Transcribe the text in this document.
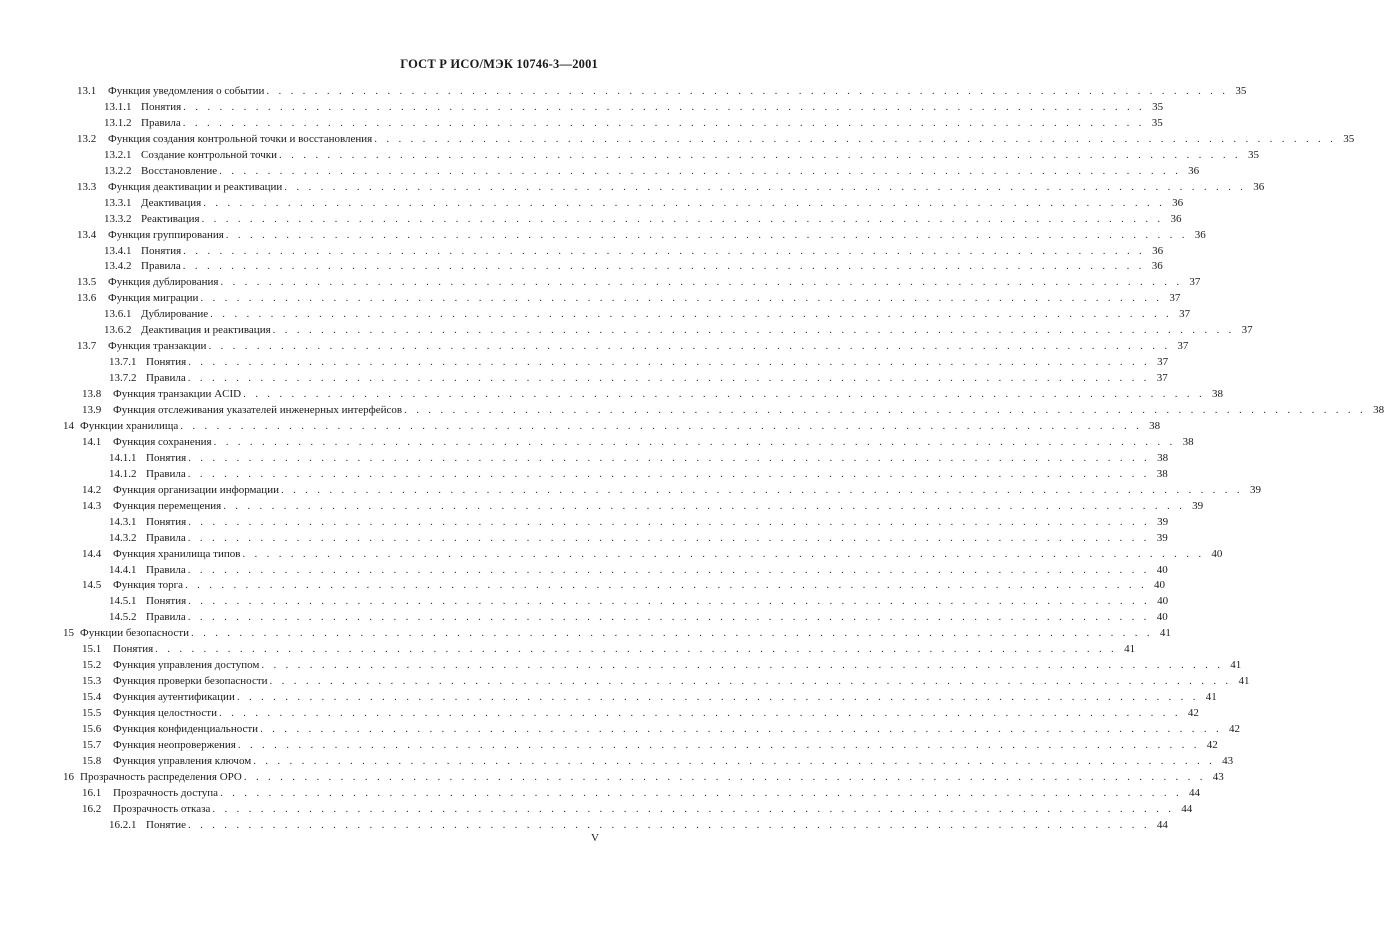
ГОСТ Р ИСО/МЭК 10746-3—2001
13.1	Функция уведомления о событии . . . . . . . . . . . . . . . . . . . . . . . . . . . . . . . . . . . . . . . . . . . . . . . . . . . . . . . . . . . . . . . . . . . . . . . . . . . . . . . . 35
13.1.1 Понятия . . . . . . . . . . . . . . . . . . . . . . . . . . . . . . . . . . . . . . . . . . . . . . . . . . . . . . . . . . . . . . . . . . . . . . . . . . . . . . . . 35
13.1.2 Правила . . . . . . . . . . . . . . . . . . . . . . . . . . . . . . . . . . . . . . . . . . . . . . . . . . . . . . . . . . . . . . . . . . . . . . . . . . . . . . . . 35
13.2	Функция создания контрольной точки и восстановления . . . . . . . . . . . . . . . . . . . . . . . . . . . . . . . . . . . . . . . . . . . . . . . . . . . . . . . . . . . . . . . . . . . . . . . . . . . . . . . . 35
13.2.1 Создание контрольной точки . . . . . . . . . . . . . . . . . . . . . . . . . . . . . . . . . . . . . . . . . . . . . . . . . . . . . . . . . . . . . . . . . . . . . . . . . . . . . . . . 35
13.2.2 Восстановление . . . . . . . . . . . . . . . . . . . . . . . . . . . . . . . . . . . . . . . . . . . . . . . . . . . . . . . . . . . . . . . . . . . . . . . . . . . . . . . . 36
13.3	Функция деактивации и реактивации . . . . . . . . . . . . . . . . . . . . . . . . . . . . . . . . . . . . . . . . . . . . . . . . . . . . . . . . . . . . . . . . . . . . . . . . . . . . . . . . 36
13.3.1 Деактивация . . . . . . . . . . . . . . . . . . . . . . . . . . . . . . . . . . . . . . . . . . . . . . . . . . . . . . . . . . . . . . . . . . . . . . . . . . . . . . . . 36
13.3.2 Реактивация . . . . . . . . . . . . . . . . . . . . . . . . . . . . . . . . . . . . . . . . . . . . . . . . . . . . . . . . . . . . . . . . . . . . . . . . . . . . . . . . 36
13.4	Функция группирования . . . . . . . . . . . . . . . . . . . . . . . . . . . . . . . . . . . . . . . . . . . . . . . . . . . . . . . . . . . . . . . . . . . . . . . . . . . . . . . . 36
13.4.1 Понятия . . . . . . . . . . . . . . . . . . . . . . . . . . . . . . . . . . . . . . . . . . . . . . . . . . . . . . . . . . . . . . . . . . . . . . . . . . . . . . . . 36
13.4.2 Правила . . . . . . . . . . . . . . . . . . . . . . . . . . . . . . . . . . . . . . . . . . . . . . . . . . . . . . . . . . . . . . . . . . . . . . . . . . . . . . . . 36
13.5	Функция дублирования . . . . . . . . . . . . . . . . . . . . . . . . . . . . . . . . . . . . . . . . . . . . . . . . . . . . . . . . . . . . . . . . . . . . . . . . . . . . . . . . 37
13.6	Функция миграции . . . . . . . . . . . . . . . . . . . . . . . . . . . . . . . . . . . . . . . . . . . . . . . . . . . . . . . . . . . . . . . . . . . . . . . . . . . . . . . . 37
13.6.1 Дублирование . . . . . . . . . . . . . . . . . . . . . . . . . . . . . . . . . . . . . . . . . . . . . . . . . . . . . . . . . . . . . . . . . . . . . . . . . . . . . . . . 37
13.6.2 Деактивация и реактивация . . . . . . . . . . . . . . . . . . . . . . . . . . . . . . . . . . . . . . . . . . . . . . . . . . . . . . . . . . . . . . . . . . . . . . . . . . . . . . . . 37
13.7	Функция транзакции . . . . . . . . . . . . . . . . . . . . . . . . . . . . . . . . . . . . . . . . . . . . . . . . . . . . . . . . . . . . . . . . . . . . . . . . . . . . . . . . 37
13.7.1 Понятия . . . . . . . . . . . . . . . . . . . . . . . . . . . . . . . . . . . . . . . . . . . . . . . . . . . . . . . . . . . . . . . . . . . . . . . . . . . . . . . . 37
13.7.2 Правила . . . . . . . . . . . . . . . . . . . . . . . . . . . . . . . . . . . . . . . . . . . . . . . . . . . . . . . . . . . . . . . . . . . . . . . . . . . . . . . . 37
13.8	Функция транзакции ACID . . . . . . . . . . . . . . . . . . . . . . . . . . . . . . . . . . . . . . . . . . . . . . . . . . . . . . . . . . . . . . . . . . . . . . . . . . . . . . . . 38
13.9	Функция отслеживания указателей инженерных интерфейсов . . . . . . . . . . . . . . . . . . . . . . . . . . . . . . . . . . . . . . . . . . . . . . . . . . . . . . . . . . . . . . . . . . . . . . . . . . . . . . . . 38
14 Функции хранилища . . . . . . . . . . . . . . . . . . . . . . . . . . . . . . . . . . . . . . . . . . . . . . . . . . . . . . . . . . . . . . . . . . . . . . . . . . . . . . . . 38
14.1	Функция сохранения . . . . . . . . . . . . . . . . . . . . . . . . . . . . . . . . . . . . . . . . . . . . . . . . . . . . . . . . . . . . . . . . . . . . . . . . . . . . . . . . 38
14.1.1 Понятия . . . . . . . . . . . . . . . . . . . . . . . . . . . . . . . . . . . . . . . . . . . . . . . . . . . . . . . . . . . . . . . . . . . . . . . . . . . . . . . . 38
14.1.2 Правила . . . . . . . . . . . . . . . . . . . . . . . . . . . . . . . . . . . . . . . . . . . . . . . . . . . . . . . . . . . . . . . . . . . . . . . . . . . . . . . . 38
14.2	Функция организации информации . . . . . . . . . . . . . . . . . . . . . . . . . . . . . . . . . . . . . . . . . . . . . . . . . . . . . . . . . . . . . . . . . . . . . . . . . . . . . . . . 39
14.3	Функция перемещения . . . . . . . . . . . . . . . . . . . . . . . . . . . . . . . . . . . . . . . . . . . . . . . . . . . . . . . . . . . . . . . . . . . . . . . . . . . . . . . . 39
14.3.1 Понятия . . . . . . . . . . . . . . . . . . . . . . . . . . . . . . . . . . . . . . . . . . . . . . . . . . . . . . . . . . . . . . . . . . . . . . . . . . . . . . . . 39
14.3.2 Правила . . . . . . . . . . . . . . . . . . . . . . . . . . . . . . . . . . . . . . . . . . . . . . . . . . . . . . . . . . . . . . . . . . . . . . . . . . . . . . . . 39
14.4	Функция хранилища типов . . . . . . . . . . . . . . . . . . . . . . . . . . . . . . . . . . . . . . . . . . . . . . . . . . . . . . . . . . . . . . . . . . . . . . . . . . . . . . . . 40
14.4.1 Правила . . . . . . . . . . . . . . . . . . . . . . . . . . . . . . . . . . . . . . . . . . . . . . . . . . . . . . . . . . . . . . . . . . . . . . . . . . . . . . . . 40
14.5	Функция торга . . . . . . . . . . . . . . . . . . . . . . . . . . . . . . . . . . . . . . . . . . . . . . . . . . . . . . . . . . . . . . . . . . . . . . . . . . . . . . . . 40
14.5.1 Понятия . . . . . . . . . . . . . . . . . . . . . . . . . . . . . . . . . . . . . . . . . . . . . . . . . . . . . . . . . . . . . . . . . . . . . . . . . . . . . . . . 40
14.5.2 Правила . . . . . . . . . . . . . . . . . . . . . . . . . . . . . . . . . . . . . . . . . . . . . . . . . . . . . . . . . . . . . . . . . . . . . . . . . . . . . . . . 40
15 Функции безопасности . . . . . . . . . . . . . . . . . . . . . . . . . . . . . . . . . . . . . . . . . . . . . . . . . . . . . . . . . . . . . . . . . . . . . . . . . . . . . . . . 41
15.1	Понятия . . . . . . . . . . . . . . . . . . . . . . . . . . . . . . . . . . . . . . . . . . . . . . . . . . . . . . . . . . . . . . . . . . . . . . . . . . . . . . . . 41
15.2	Функция управления доступом . . . . . . . . . . . . . . . . . . . . . . . . . . . . . . . . . . . . . . . . . . . . . . . . . . . . . . . . . . . . . . . . . . . . . . . . . . . . . . . . 41
15.3	Функция проверки безопасности . . . . . . . . . . . . . . . . . . . . . . . . . . . . . . . . . . . . . . . . . . . . . . . . . . . . . . . . . . . . . . . . . . . . . . . . . . . . . . . . 41
15.4	Функция аутентификации . . . . . . . . . . . . . . . . . . . . . . . . . . . . . . . . . . . . . . . . . . . . . . . . . . . . . . . . . . . . . . . . . . . . . . . . . . . . . . . . 41
15.5	Функция целостности . . . . . . . . . . . . . . . . . . . . . . . . . . . . . . . . . . . . . . . . . . . . . . . . . . . . . . . . . . . . . . . . . . . . . . . . . . . . . . . . 42
15.6	Функция конфиденциальности . . . . . . . . . . . . . . . . . . . . . . . . . . . . . . . . . . . . . . . . . . . . . . . . . . . . . . . . . . . . . . . . . . . . . . . . . . . . . . . . 42
15.7	Функция неопровержения . . . . . . . . . . . . . . . . . . . . . . . . . . . . . . . . . . . . . . . . . . . . . . . . . . . . . . . . . . . . . . . . . . . . . . . . . . . . . . . . 42
15.8	Функция управления ключом . . . . . . . . . . . . . . . . . . . . . . . . . . . . . . . . . . . . . . . . . . . . . . . . . . . . . . . . . . . . . . . . . . . . . . . . . . . . . . . . 43
16 Прозрачность распределения ОРО . . . . . . . . . . . . . . . . . . . . . . . . . . . . . . . . . . . . . . . . . . . . . . . . . . . . . . . . . . . . . . . . . . . . . . . . . . . . . . . . 43
16.1	Прозрачность доступа . . . . . . . . . . . . . . . . . . . . . . . . . . . . . . . . . . . . . . . . . . . . . . . . . . . . . . . . . . . . . . . . . . . . . . . . . . . . . . . . 44
16.2	Прозрачность отказа . . . . . . . . . . . . . . . . . . . . . . . . . . . . . . . . . . . . . . . . . . . . . . . . . . . . . . . . . . . . . . . . . . . . . . . . . . . . . . . . 44
16.2.1 Понятие . . . . . . . . . . . . . . . . . . . . . . . . . . . . . . . . . . . . . . . . . . . . . . . . . . . . . . . . . . . . . . . . . . . . . . . . . . . . . . . . 44
V
